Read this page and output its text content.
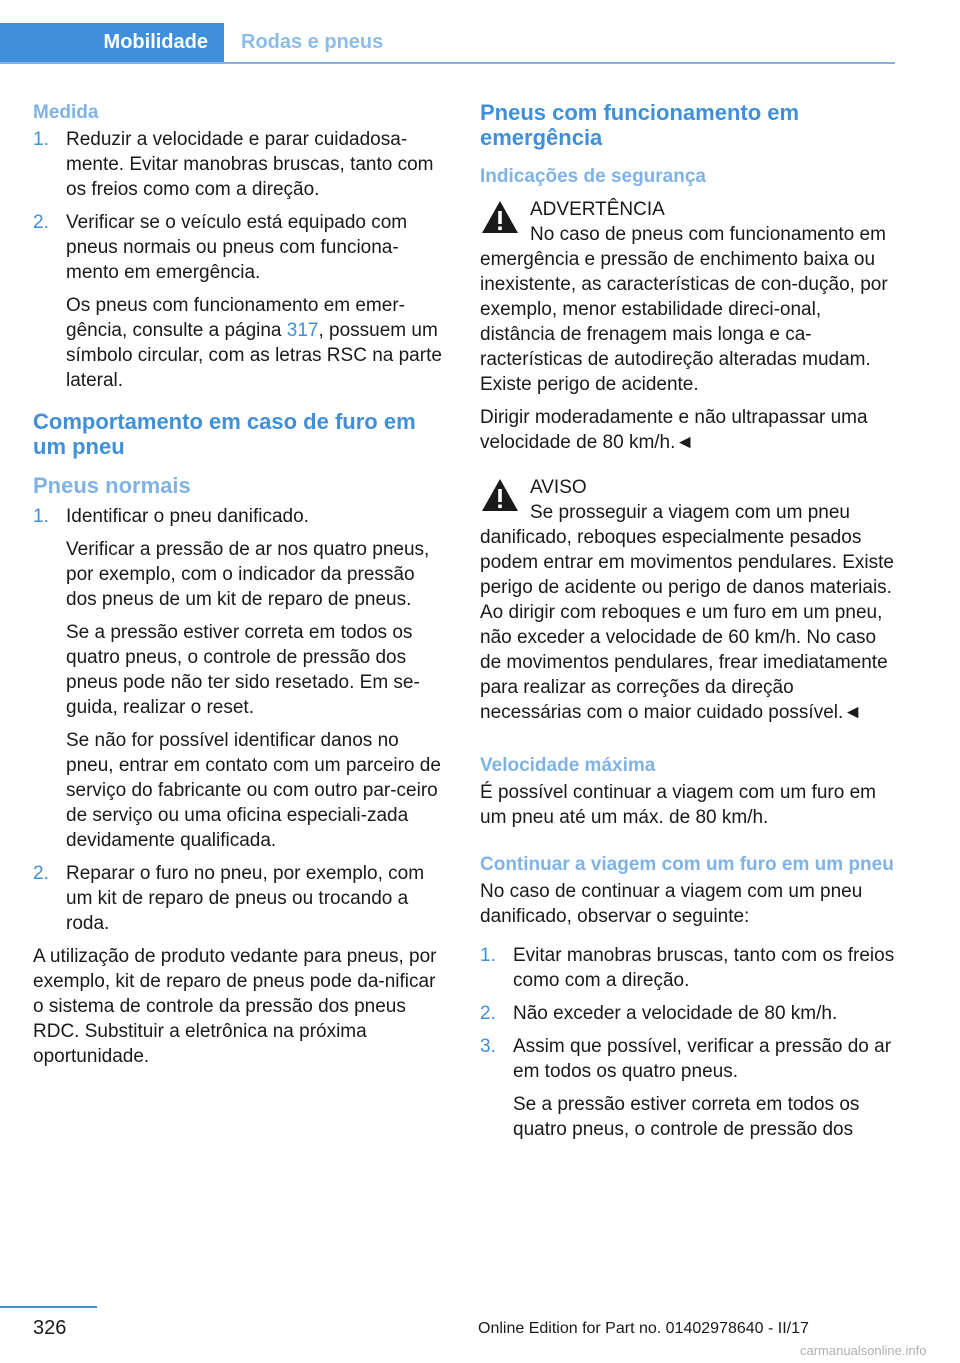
Mobilidade	Rodas e pneus
Medida
1. Reduzir a velocidade e parar cuidadosa-mente. Evitar manobras bruscas, tanto com os freios como com a direção.
2. Verificar se o veículo está equipado com pneus normais ou pneus com funciona-mento em emergência.
Os pneus com funcionamento em emer-gência, consulte a página 317, possuem um símbolo circular, com as letras RSC na parte lateral.
Comportamento em caso de furo em um pneu
Pneus normais
1. Identificar o pneu danificado.
Verificar a pressão de ar nos quatro pneus, por exemplo, com o indicador da pressão dos pneus de um kit de reparo de pneus.
Se a pressão estiver correta em todos os quatro pneus, o controle de pressão dos pneus pode não ter sido resetado. Em se-guida, realizar o reset.
Se não for possível identificar danos no pneu, entrar em contato com um parceiro de serviço do fabricante ou com outro par-ceiro de serviço ou uma oficina especiali-zada devidamente qualificada.
2. Reparar o furo no pneu, por exemplo, com um kit de reparo de pneus ou trocando a roda.
A utilização de produto vedante para pneus, por exemplo, kit de reparo de pneus pode da-nificar o sistema de controle da pressão dos pneus RDC. Substituir a eletrônica na próxima oportunidade.
Pneus com funcionamento em emergência
Indicações de segurança
ADVERTÊNCIA

No caso de pneus com funcionamento em emergência e pressão de enchimento baixa ou inexistente, as características de con-dução, por exemplo, menor estabilidade direci-onal, distância de frenagem mais longa e ca-racterísticas de autodireção alteradas mudam. Existe perigo de acidente.

Dirigir moderadamente e não ultrapassar uma velocidade de 80 km/h.◄

AVISO

Se prosseguir a viagem com um pneu danificado, reboques especialmente pesados podem entrar em movimentos pendulares. Existe perigo de acidente ou perigo de danos materiais. Ao dirigir com reboques e um furo em um pneu, não exceder a velocidade de 60 km/h. No caso de movimentos pendulares, frear imediatamente para realizar as correções da direção necessárias com o maior cuidado possível.◄

Velocidade máxima
É possível continuar a viagem com um furo em um pneu até um máx. de 80 km/h.
Continuar a viagem com um furo em um pneu
No caso de continuar a viagem com um pneu danificado, observar o seguinte:
1. Evitar manobras bruscas, tanto com os freios como com a direção.
2. Não exceder a velocidade de 80 km/h.
3. Assim que possível, verificar a pressão do ar em todos os quatro pneus.
Se a pressão estiver correta em todos os quatro pneus, o controle de pressão dos
326	Online Edition for Part no. 01402978640 - II/17
carmanualsonline.info
